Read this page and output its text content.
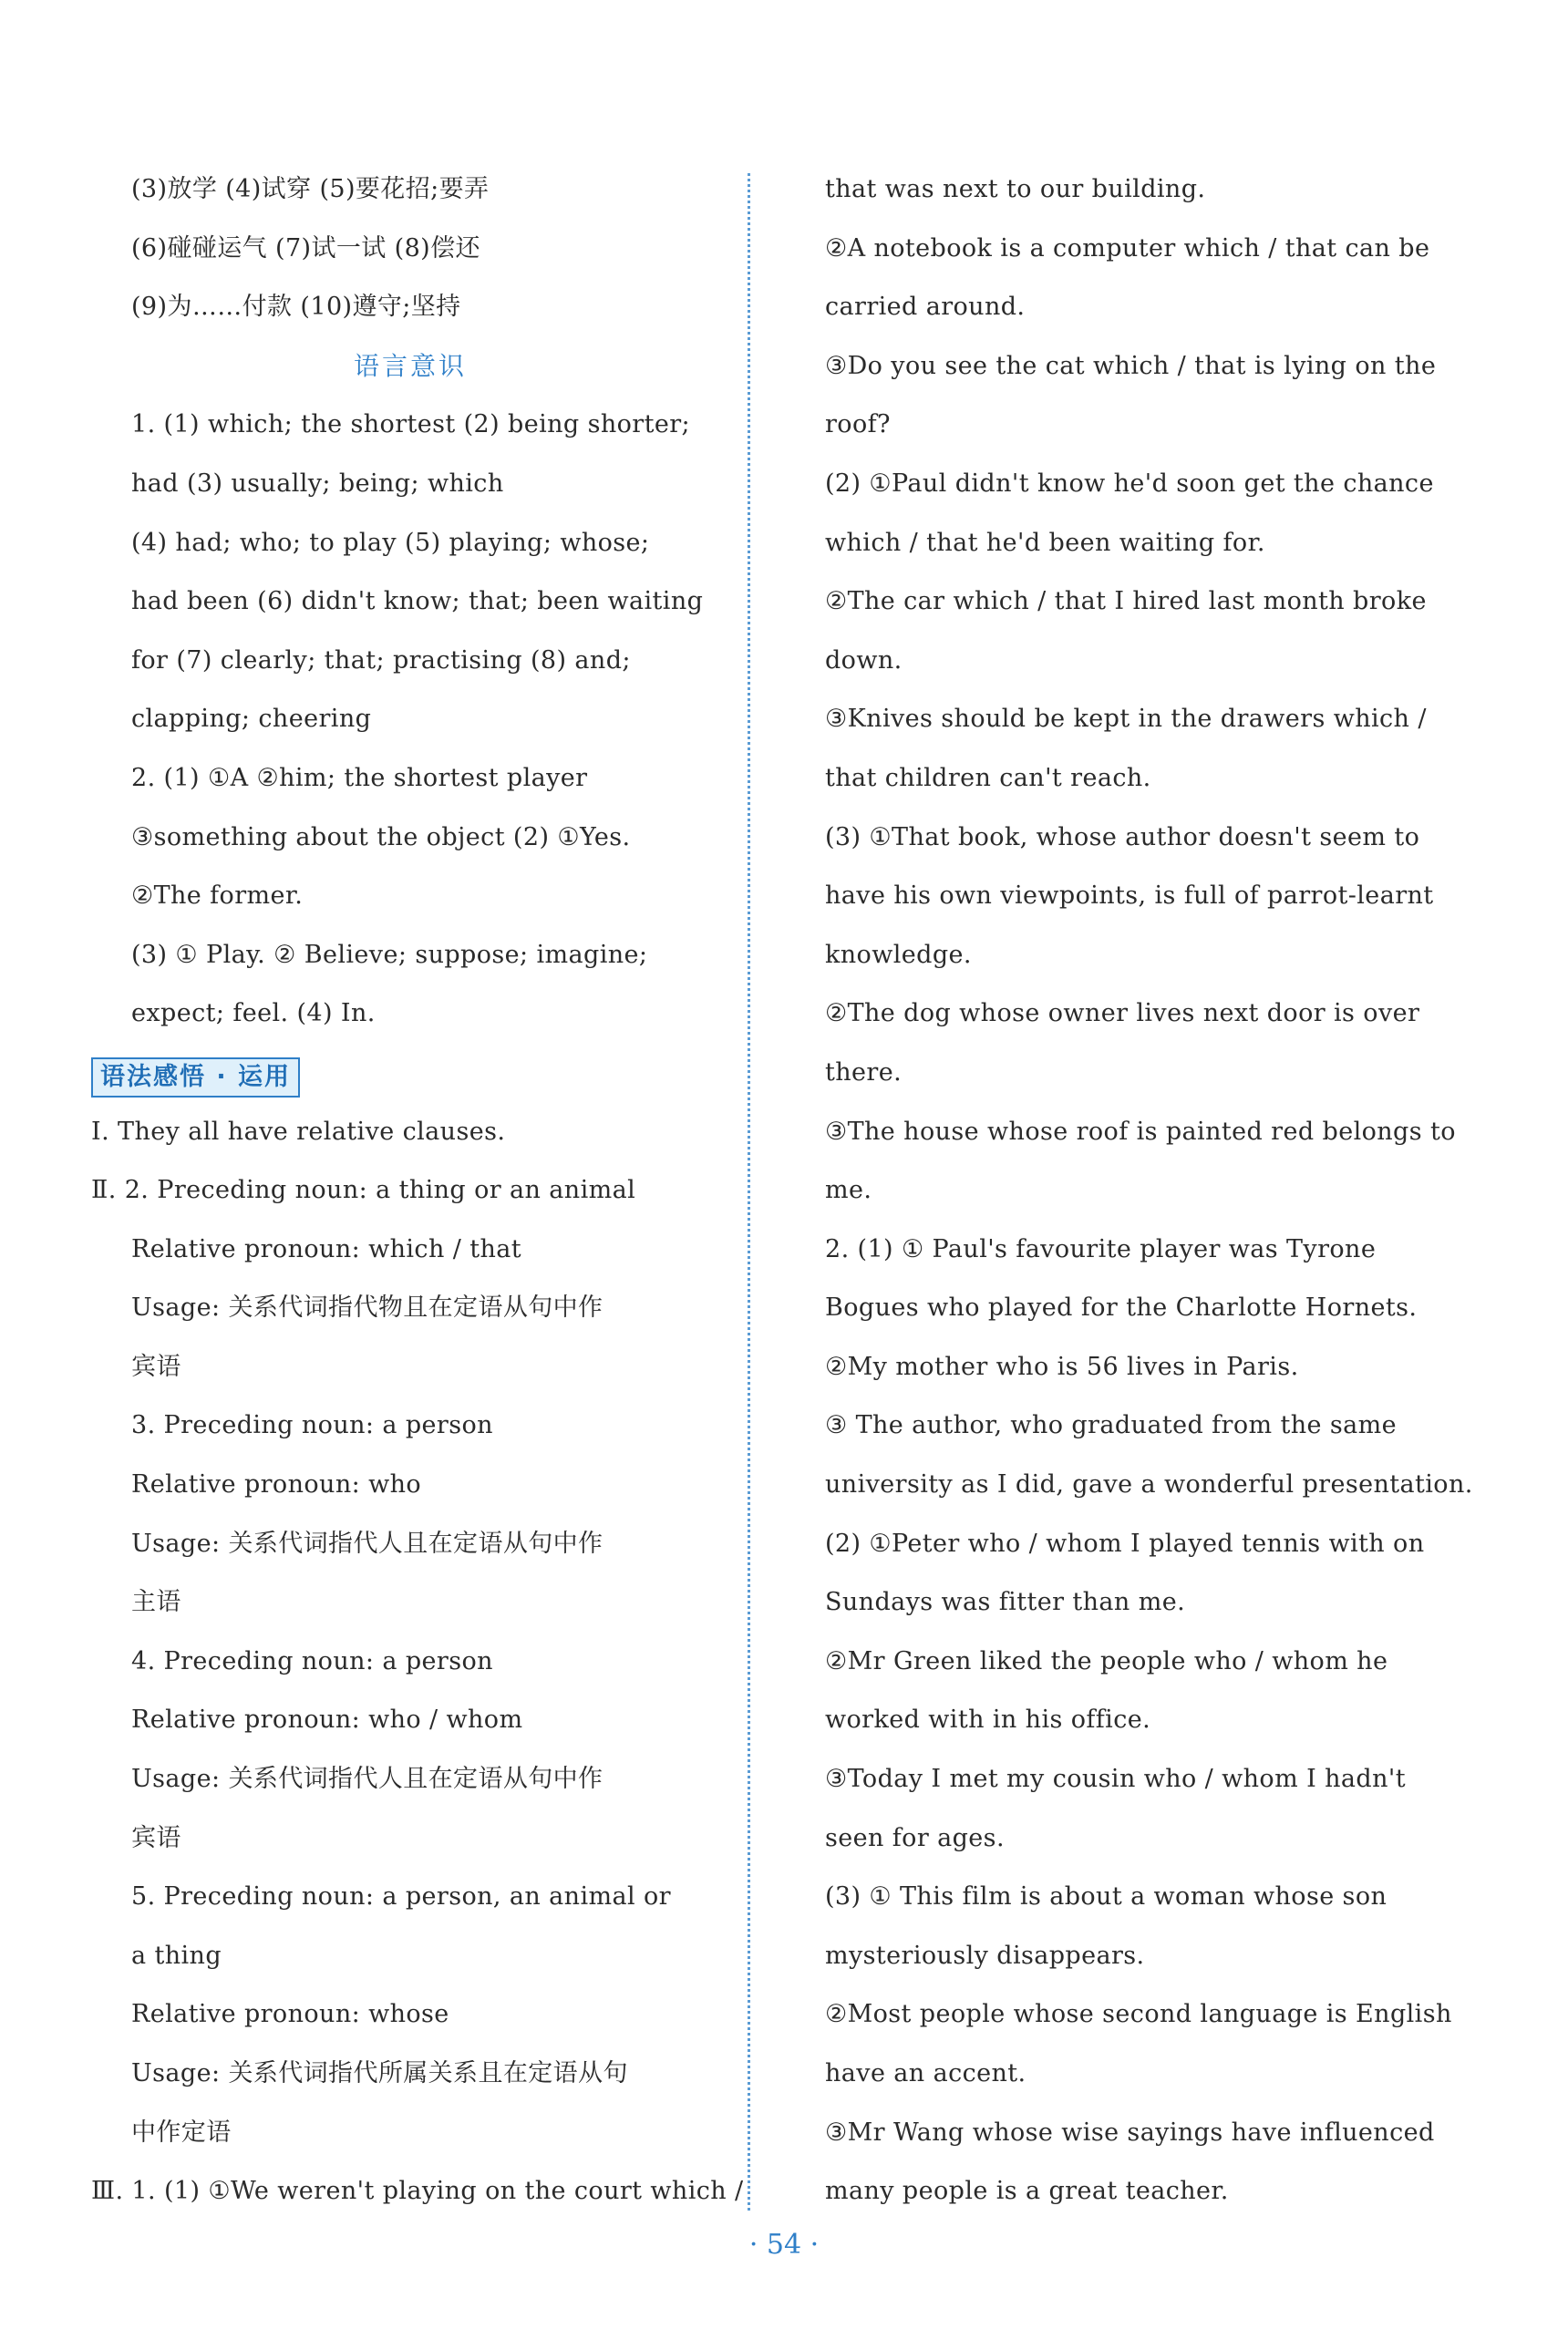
(3)放学 (4)试穿 (5)要花招;要弄
(6)碰碰运气 (7)试一试 (8)偿还
(9)为……付款 (10)遵守;坚持
语言意识
1. (1) which; the shortest (2) being shorter;
had (3) usually; being; which
(4) had; who; to play (5) playing; whose;
had been (6) didn't know; that; been waiting
for (7) clearly; that; practising (8) and;
clapping; cheering
2. (1) ①A ②him; the shortest player
③something about the object (2) ①Yes.
②The former.
(3) ① Play. ② Believe; suppose; imagine;
expect; feel. (4) In.
语法感悟 · 运用
Ⅰ. They all have relative clauses.
Ⅱ. 2. Preceding noun: a thing or an animal
Relative pronoun: which / that
Usage: 关系代词指代物且在定语从句中作
宾语
3. Preceding noun: a person
Relative pronoun: who
Usage: 关系代词指代人且在定语从句中作
主语
4. Preceding noun: a person
Relative pronoun: who / whom
Usage: 关系代词指代人且在定语从句中作
宾语
5. Preceding noun: a person, an animal or
a thing
Relative pronoun: whose
Usage: 关系代词指代所属关系且在定语从句
中作定语
Ⅲ. 1. (1) ①We weren't playing on the court which /
that was next to our building.
②A notebook is a computer which / that can be
carried around.
③Do you see the cat which / that is lying on the
roof?
(2) ①Paul didn't know he'd soon get the chance
which / that he'd been waiting for.
②The car which / that I hired last month broke
down.
③Knives should be kept in the drawers which /
that children can't reach.
(3) ①That book, whose author doesn't seem to
have his own viewpoints, is full of parrot-learnt
knowledge.
②The dog whose owner lives next door is over
there.
③The house whose roof is painted red belongs to
me.
2. (1) ① Paul's favourite player was Tyrone
Bogues who played for the Charlotte Hornets.
②My mother who is 56 lives in Paris.
③ The author, who graduated from the same
university as I did, gave a wonderful presentation.
(2) ①Peter who / whom I played tennis with on
Sundays was fitter than me.
②Mr Green liked the people who / whom he
worked with in his office.
③Today I met my cousin who / whom I hadn't
seen for ages.
(3) ① This film is about a woman whose son
mysteriously disappears.
②Most people whose second language is English
have an accent.
③Mr Wang whose wise sayings have influenced
many people is a great teacher.
· 54 ·
